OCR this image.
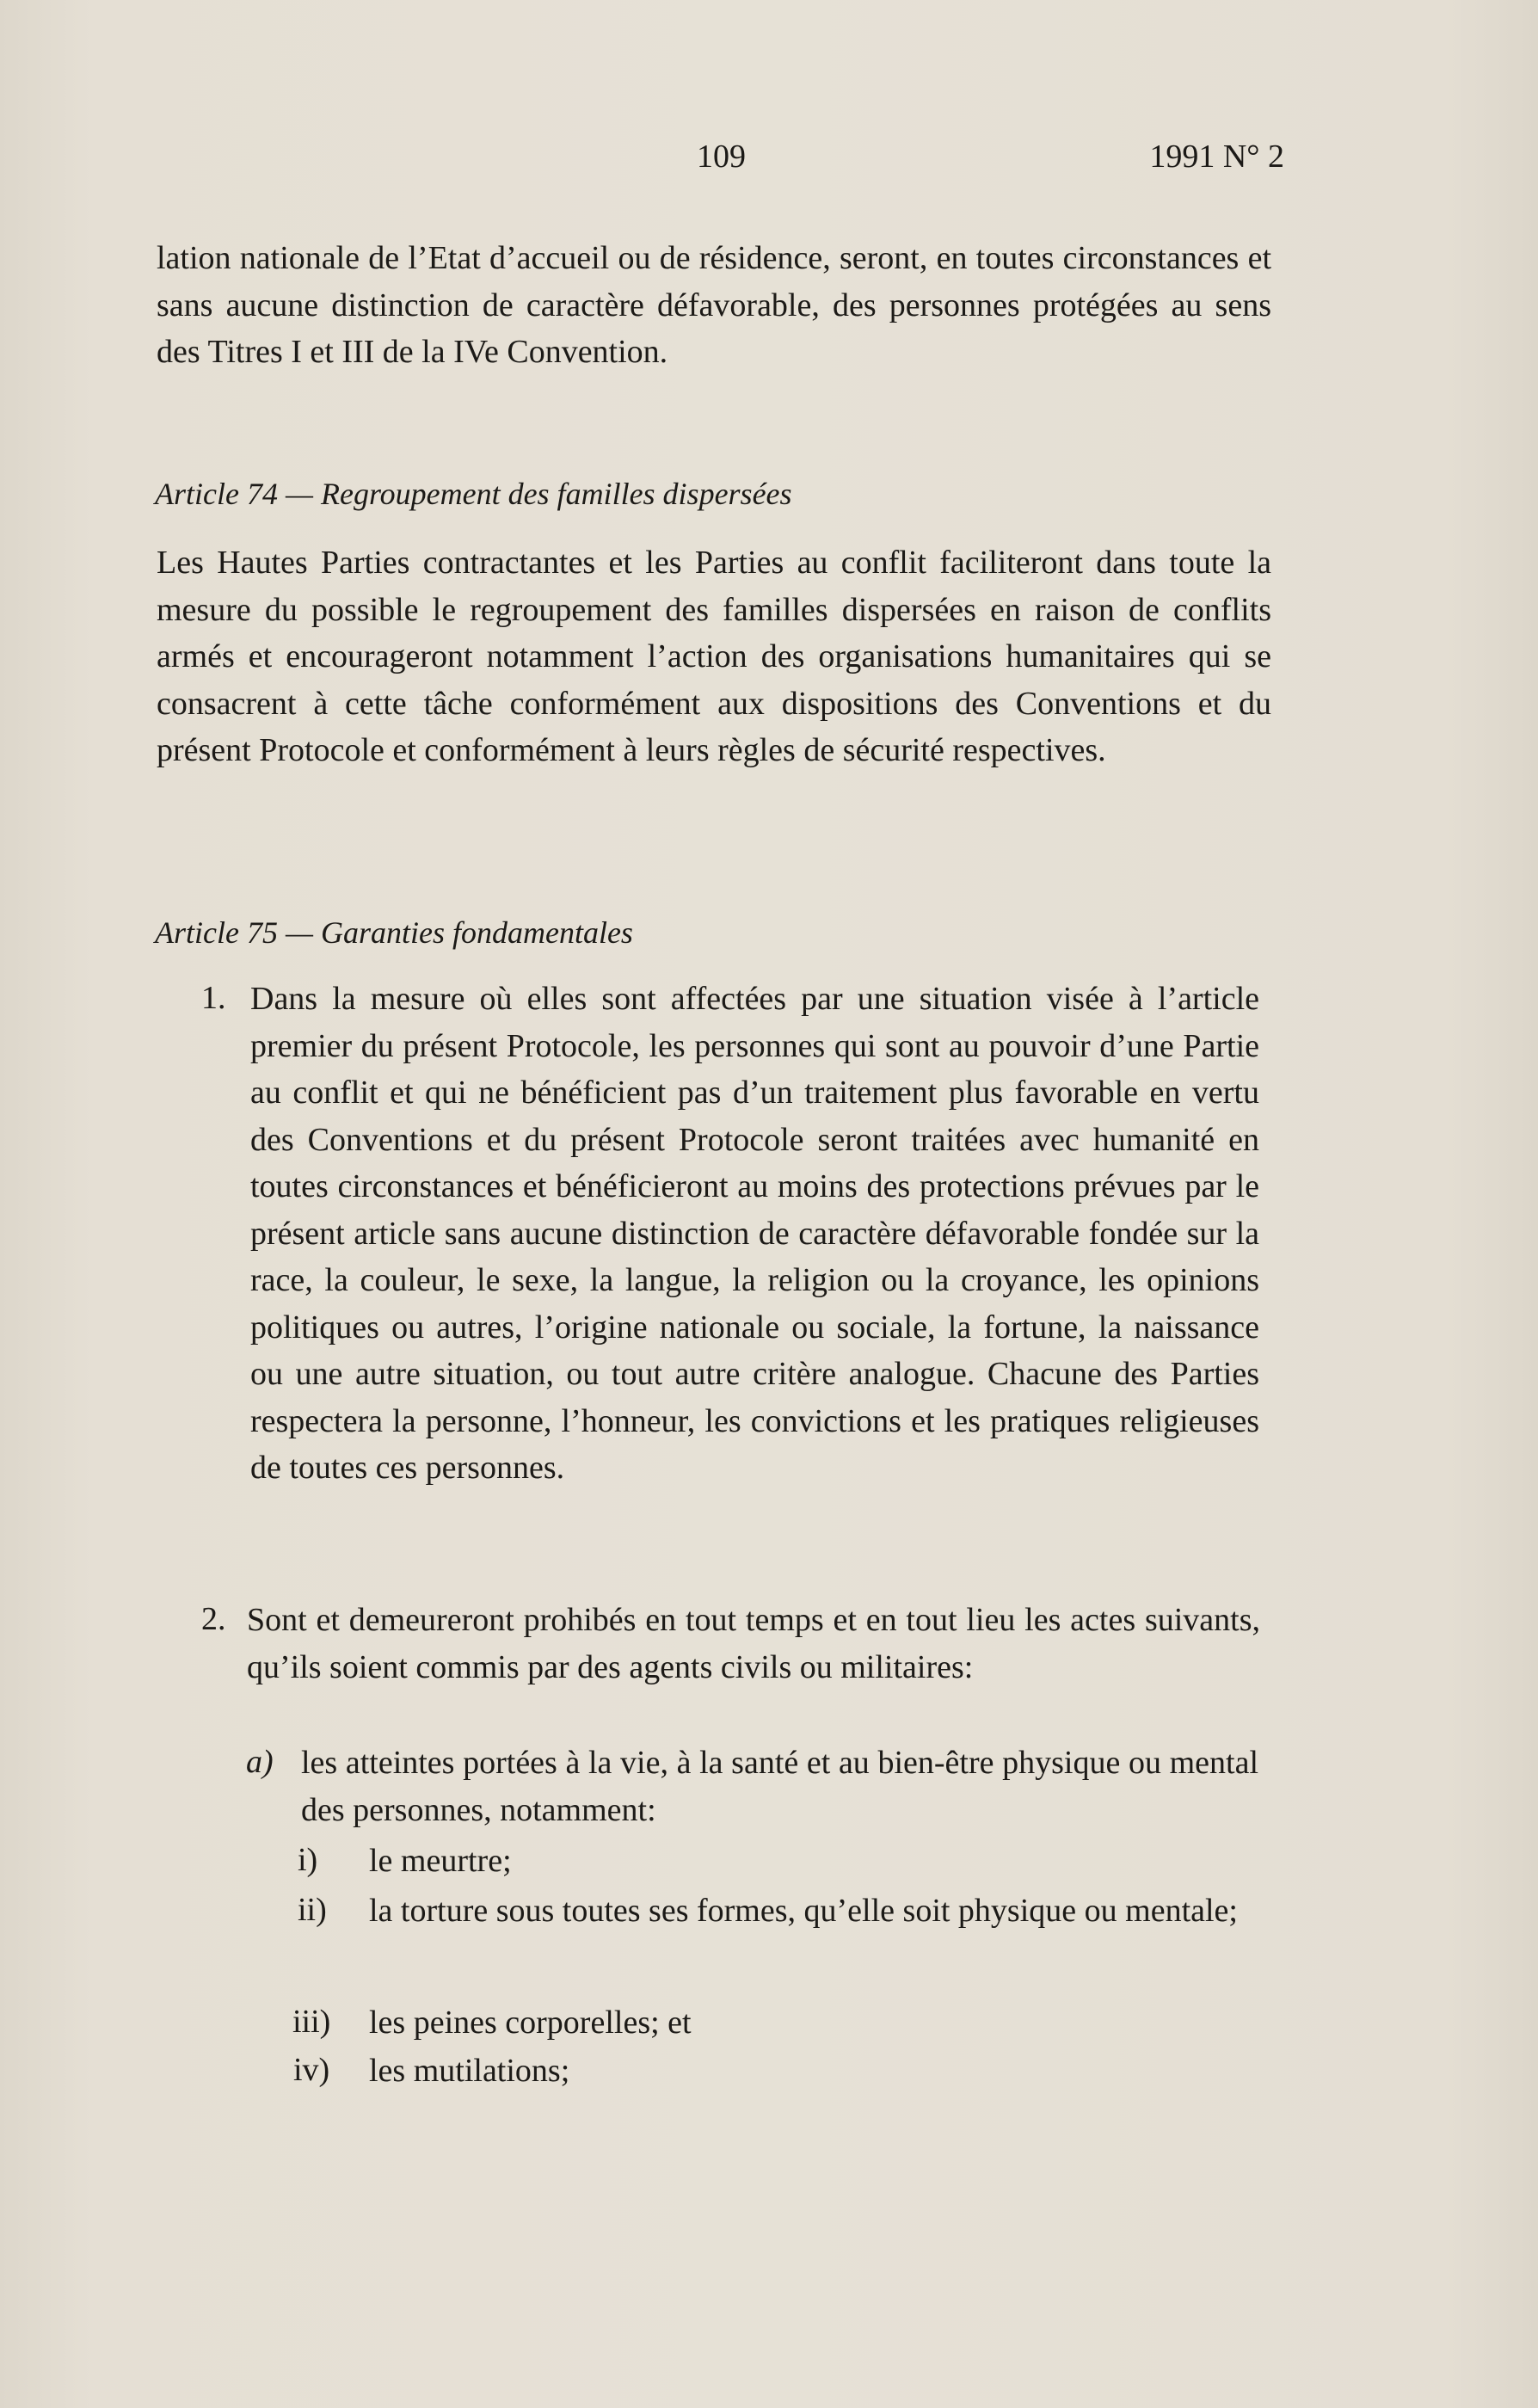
109	1991 N° 2
lation nationale de l’Etat d’accueil ou de résidence, seront, en toutes circonstances et sans aucune distinction de caractère défavorable, des personnes protégées au sens des Titres I et III de la IVe Convention.
Article 74 — Regroupement des familles dispersées
Les Hautes Parties contractantes et les Parties au conflit faciliteront dans toute la mesure du possible le regroupement des familles dispersées en raison de conflits armés et encourageront notamment l’action des organisations humanitaires qui se consacrent à cette tâche conformément aux dispositions des Conventions et du présent Protocole et conformément à leurs règles de sécurité respectives.
Article 75 — Garanties fondamentales
1. Dans la mesure où elles sont affectées par une situation visée à l’article premier du présent Protocole, les personnes qui sont au pouvoir d’une Partie au conflit et qui ne bénéficient pas d’un traitement plus favorable en vertu des Conventions et du présent Protocole seront traitées avec humanité en toutes circonstances et bénéficieront au moins des protections prévues par le présent article sans aucune distinction de caractère défavorable fondée sur la race, la couleur, le sexe, la langue, la religion ou la croyance, les opinions politiques ou autres, l’origine nationale ou sociale, la fortune, la naissance ou une autre situation, ou tout autre critère analogue. Chacune des Parties respectera la personne, l’honneur, les convictions et les pratiques religieuses de toutes ces personnes.
2. Sont et demeureront prohibés en tout temps et en tout lieu les actes suivants, qu’ils soient commis par des agents civils ou militaires:
a) les atteintes portées à la vie, à la santé et au bien-être physique ou mental des personnes, notamment:
i) le meurtre;
ii) la torture sous toutes ses formes, qu’elle soit physique ou mentale;
iii) les peines corporelles; et
iv) les mutilations;
